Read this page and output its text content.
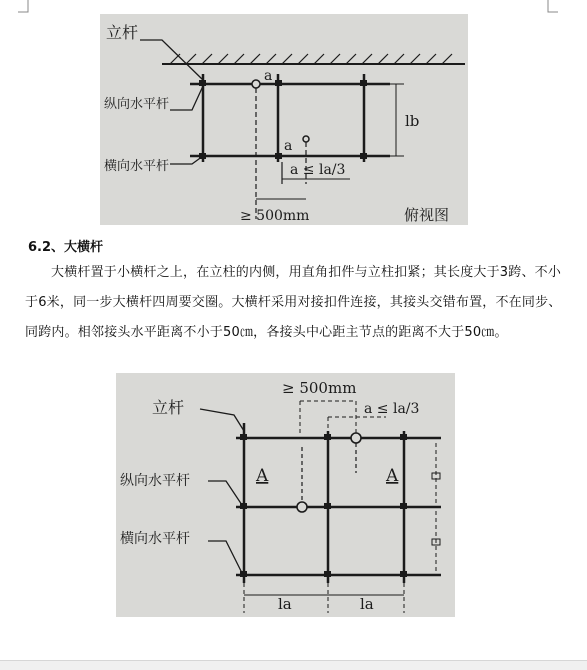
立杆
纵向水平杆
横向水平杆
a
a
lb
a ≤ la/3
≥ 500mm	俯视图
6.2、大横杆

大横杆置于小横杆之上，在立柱的内侧，用直角扣件与立柱扣紧；其长度大于3跨、不小于6米，同一步大横杆四周要交圈。大横杆采用对接扣件连接，其接头交错布置，不在同步、同跨内。相邻接头水平距离不小于50㎝，各接头中心距主节点的距离不大于50㎝。

≥ 500mm
a ≤ la/3
立杆
纵向水平杆
横向水平杆
A	A
la	la
